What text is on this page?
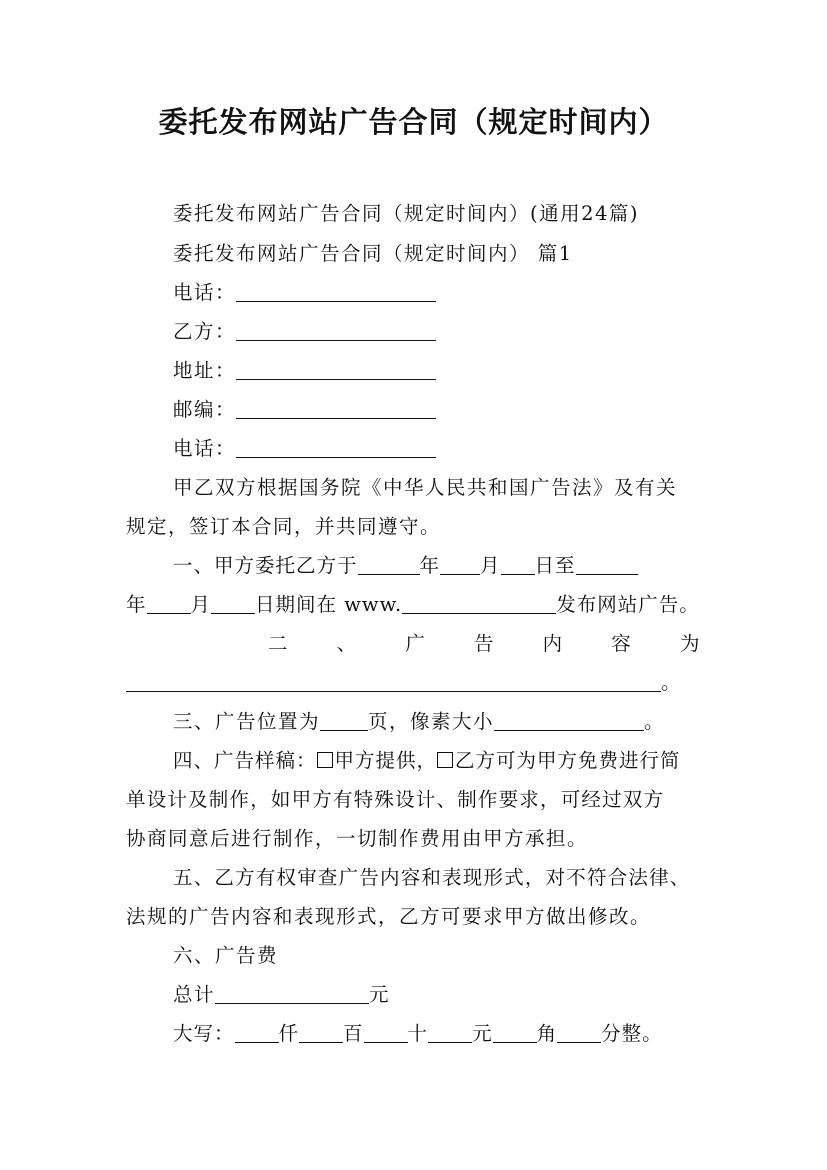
委托发布网站广告合同（规定时间内）
委托发布网站广告合同（规定时间内）(通用24篇)
委托发布网站广告合同（规定时间内） 篇1
电话：
乙方：
地址：
邮编：
电话：
甲乙双方根据国务院《中华人民共和国广告法》及有关
规定，签订本合同，并共同遵守。
一、甲方委托乙方于	年 月 日至
年 月 日期间在 www.	发布网站广告。
二 、 广 告 内 容 为
。
三、广告位置为 页，像素大小	。
四、广告样稿： 甲方提供， 乙方可为甲方免费进行简
单设计及制作，如甲方有特殊设计、制作要求，可经过双方
协商同意后进行制作，一切制作费用由甲方承担。
五、乙方有权审查广告内容和表现形式，对不符合法律、
法规的广告内容和表现形式，乙方可要求甲方做出修改。
六、广告费
总计	元
大写： 仟 百 十 元 角 分整。
